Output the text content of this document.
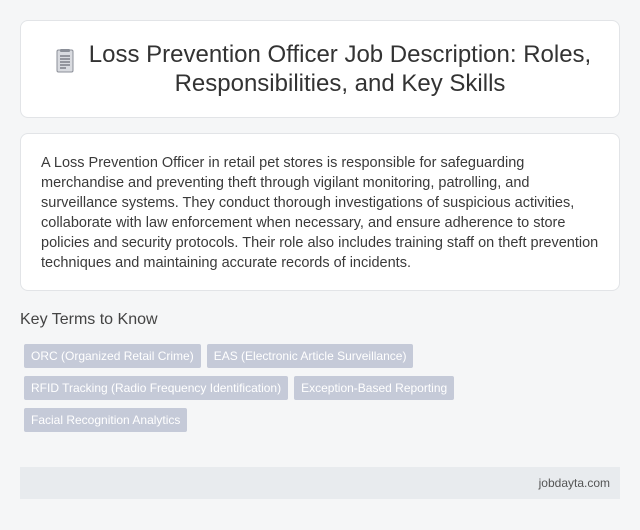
Loss Prevention Officer Job Description: Roles, Responsibilities, and Key Skills

A Loss Prevention Officer in retail pet stores is responsible for safeguarding merchandise and preventing theft through vigilant monitoring, patrolling, and surveillance systems. They conduct thorough investigations of suspicious activities, collaborate with law enforcement when necessary, and ensure adherence to store policies and security protocols. Their role also includes training staff on theft prevention techniques and maintaining accurate records of incidents.

Key Terms to Know
ORC (Organized Retail Crime)	EAS (Electronic Article Surveillance)
RFID Tracking (Radio Frequency Identification)	Exception-Based Reporting
Facial Recognition Analytics
jobdayta.com
